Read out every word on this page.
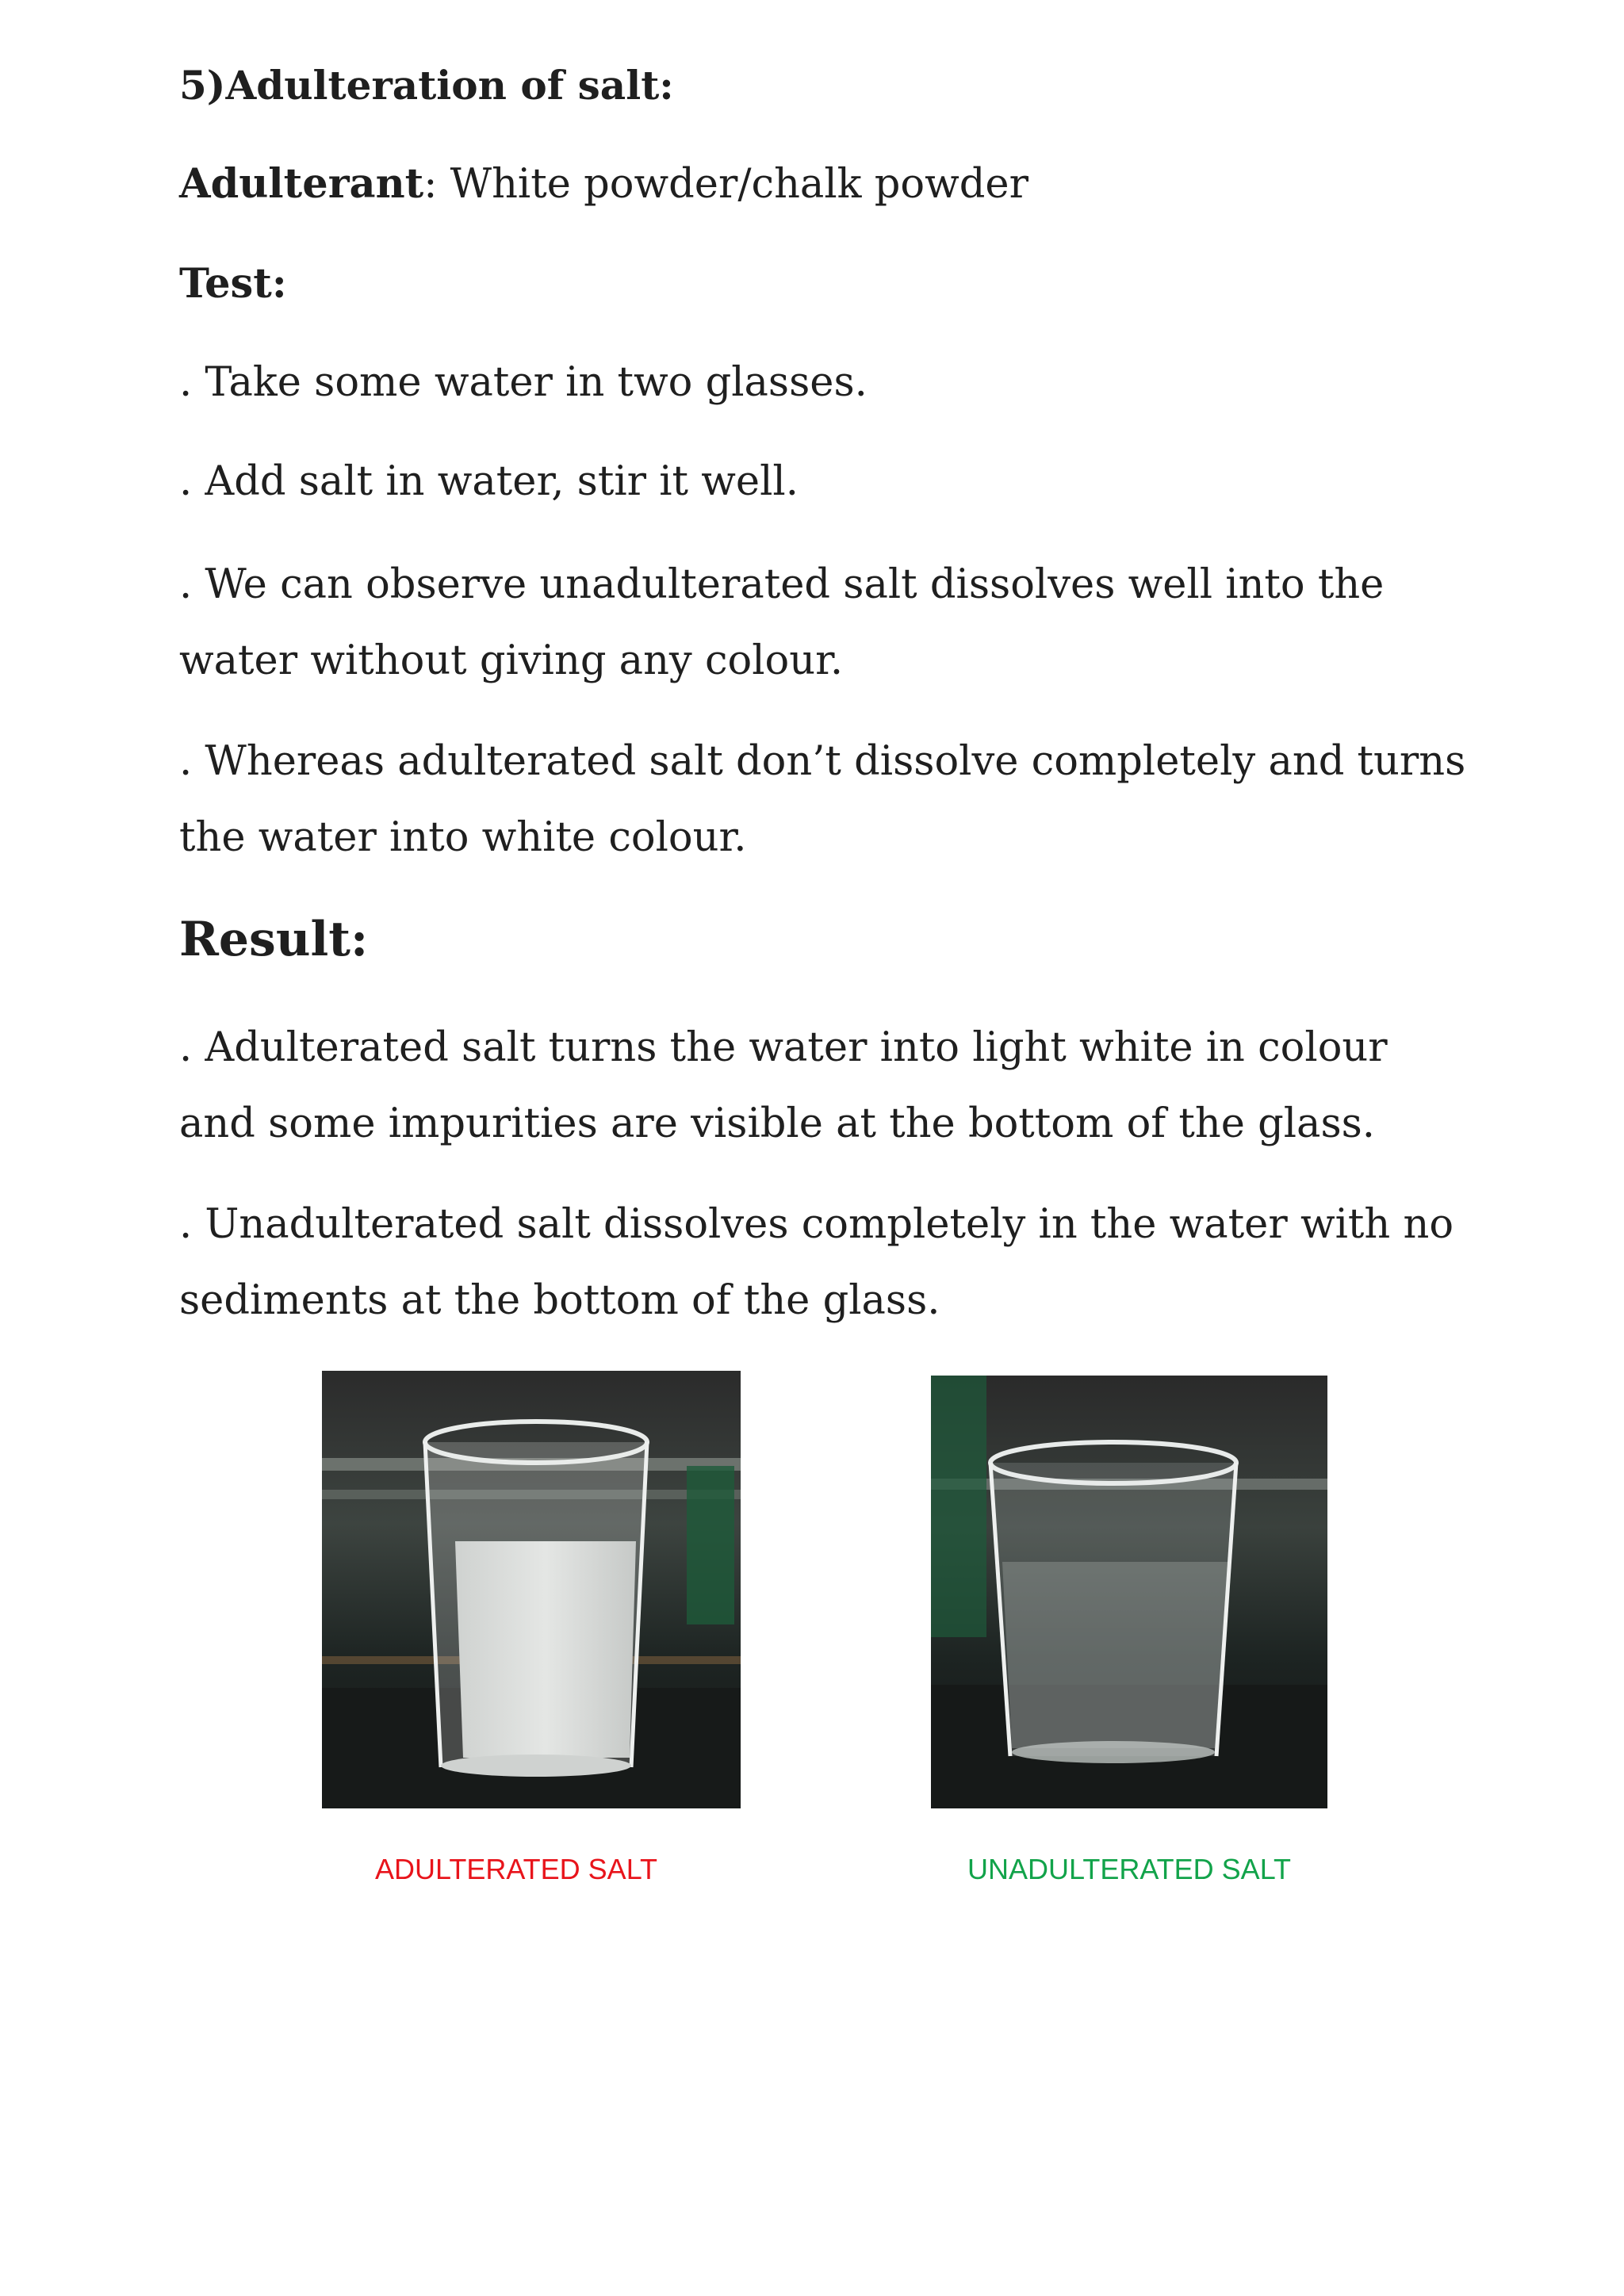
5)Adulteration of salt:
Adulterant: White powder/chalk powder
Test:
. Take some water in two glasses.
. Add salt in water, stir it well.
. We can observe unadulterated salt dissolves well into the water without giving any colour.
. Whereas adulterated salt don’t dissolve completely and turns the water into white colour.
Result:
. Adulterated salt turns the water into light white in colour and some impurities are visible at the bottom of the glass.
. Unadulterated salt dissolves completely in the water with no sediments at the bottom of the glass.
ADULTERATED SALT	UNADULTERATED SALT
